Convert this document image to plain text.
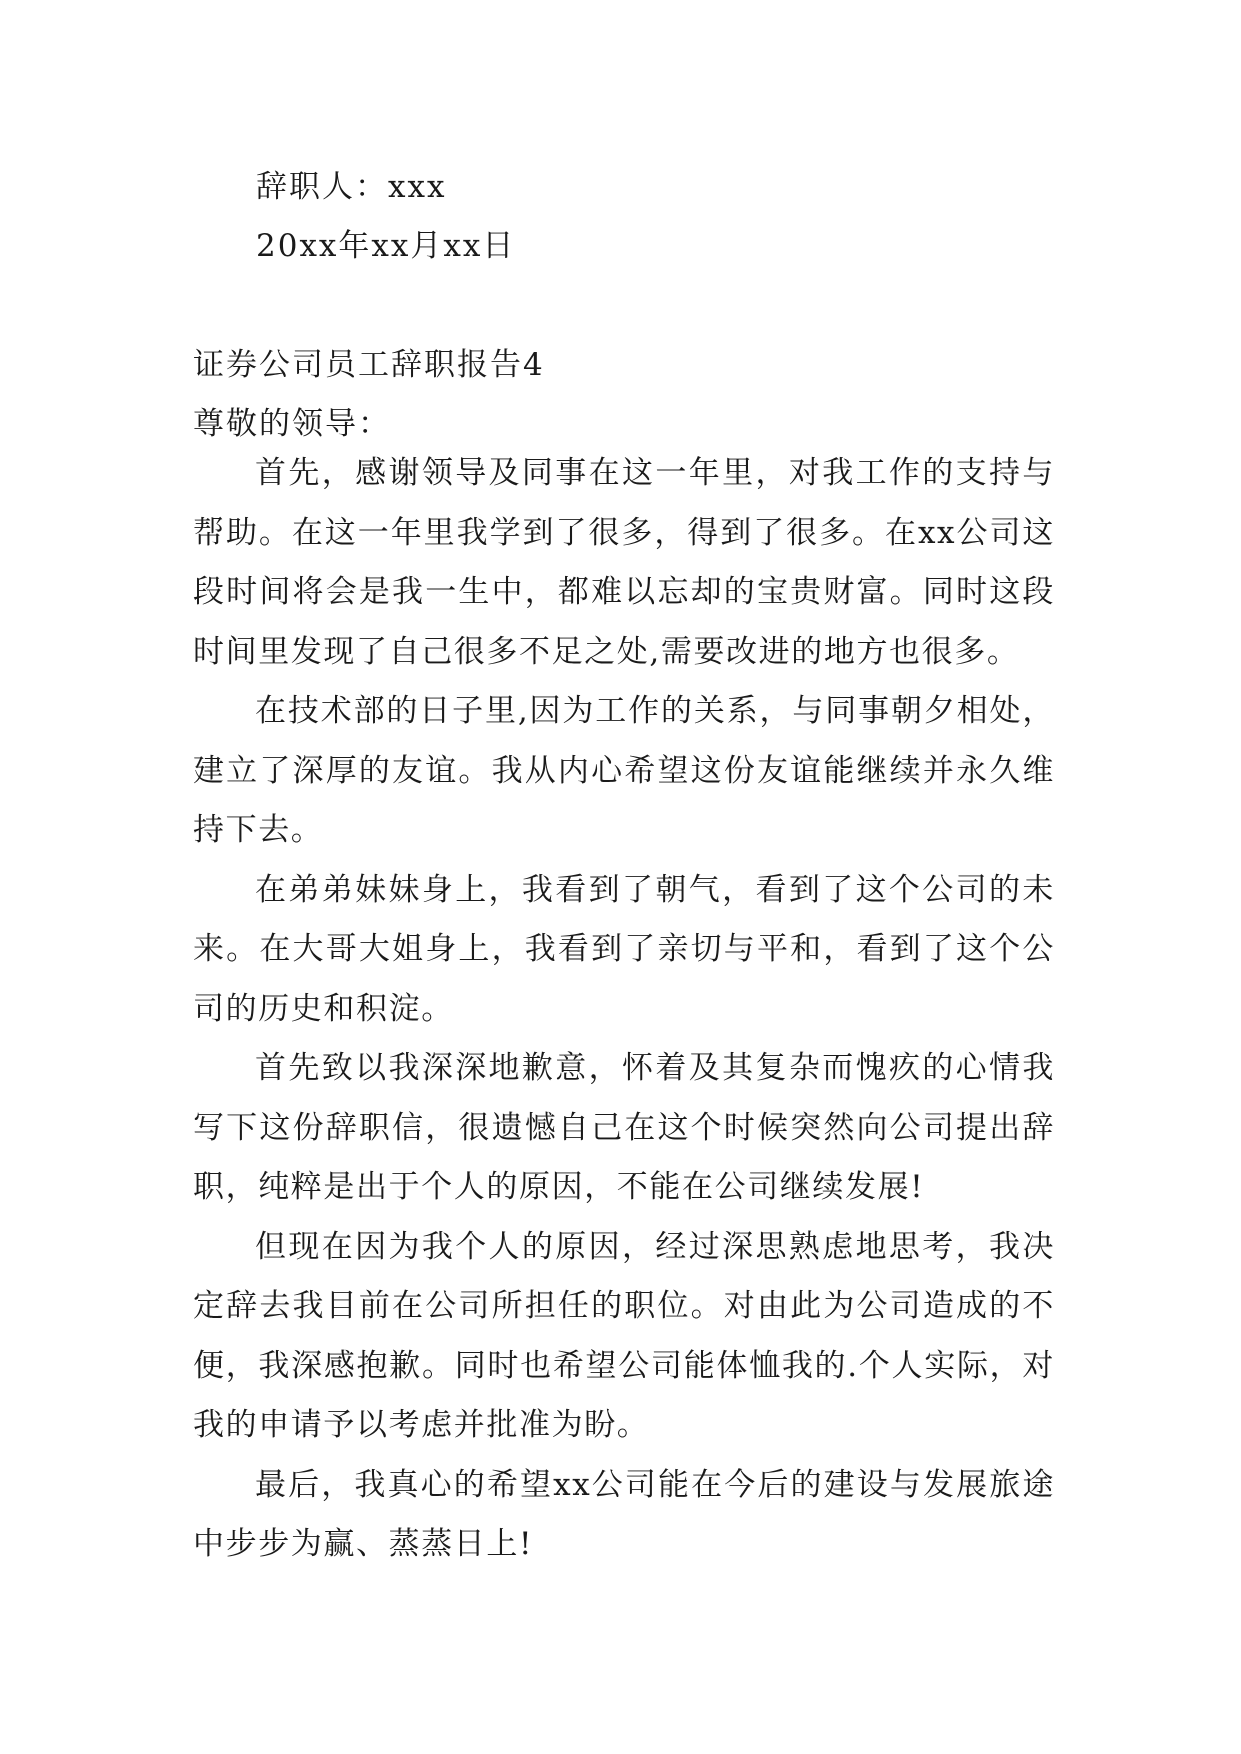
辞职人：xxx
20xx年xx月xx日
证券公司员工辞职报告4
尊敬的领导：

首先，感谢领导及同事在这一年里，对我工作的支持与帮助。在这一年里我学到了很多，得到了很多。在xx公司这段时间将会是我一生中，都难以忘却的宝贵财富。同时这段时间里发现了自己很多不足之处,需要改进的地方也很多。

在技术部的日子里,因为工作的关系，与同事朝夕相处，建立了深厚的友谊。我从内心希望这份友谊能继续并永久维持下去。

在弟弟妹妹身上，我看到了朝气，看到了这个公司的未来。在大哥大姐身上，我看到了亲切与平和，看到了这个公司的历史和积淀。

首先致以我深深地歉意，怀着及其复杂而愧疚的心情我写下这份辞职信，很遗憾自己在这个时候突然向公司提出辞职，纯粹是出于个人的原因，不能在公司继续发展!

但现在因为我个人的原因，经过深思熟虑地思考，我决定辞去我目前在公司所担任的职位。对由此为公司造成的不便，我深感抱歉。同时也希望公司能体恤我的.个人实际，对我的申请予以考虑并批准为盼。

最后，我真心的希望xx公司能在今后的建设与发展旅途中步步为赢、蒸蒸日上!
